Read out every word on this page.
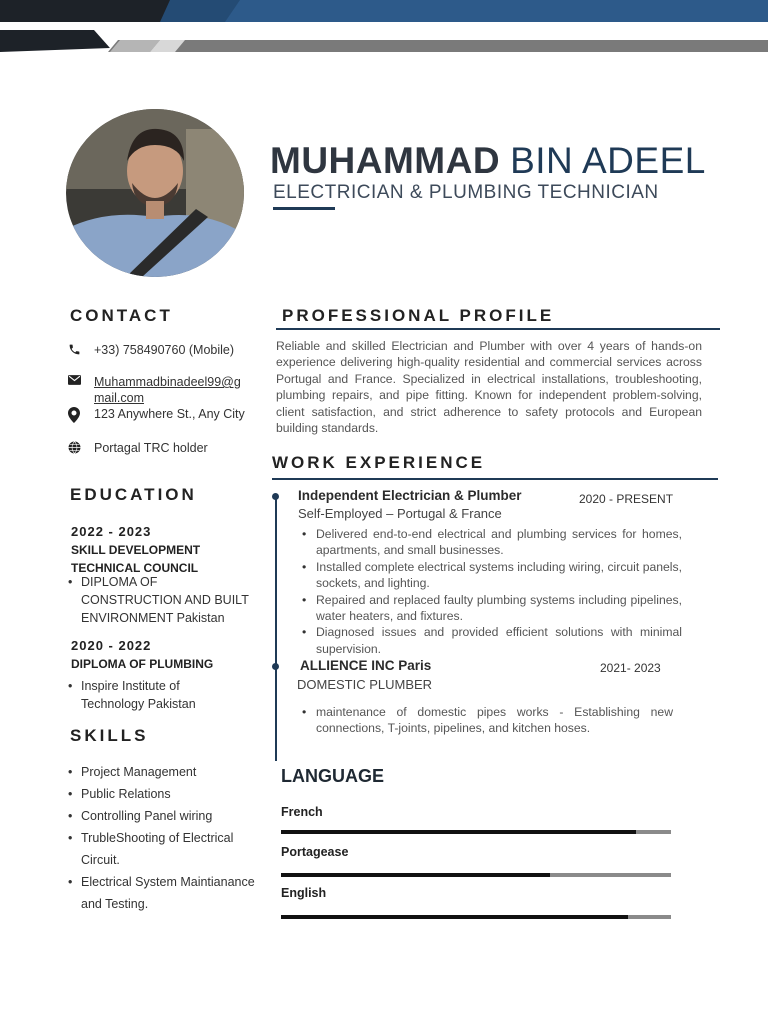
MUHAMMAD BIN ADEEL
ELECTRICIAN & PLUMBING TECHNICIAN
CONTACT
+33) 758490760 (Mobile)
Muhammadbinadeel99@g
mail.com
123 Anywhere St., Any City
Portagal TRC holder
EDUCATION
2022 - 2023
SKILL DEVELOPMENT
TECHNICAL COUNCIL
• DIPLOMA OF CONSTRUCTION AND BUILT ENVIRONMENT Pakistan
2020 - 2022
DIPLOMA OF PLUMBING
• Inspire Institute of Technology Pakistan
SKILLS
• Project Management
• Public Relations
• Controlling Panel wiring
• TrubleShooting of Electrical Circuit.
• Electrical System Maintianance and Testing.
PROFESSIONAL PROFILE
Reliable and skilled Electrician and Plumber with over 4 years of hands-on experience delivering high-quality residential and commercial services across Portugal and France. Specialized in electrical installations, troubleshooting, plumbing repairs, and pipe fitting. Known for independent problem-solving, client satisfaction, and strict adherence to safety protocols and European building standards.
WORK EXPERIENCE
Independent Electrician & Plumber	2020 - PRESENT
Self-Employed – Portugal & France
• Delivered end-to-end electrical and plumbing services for homes, apartments, and small businesses.
• Installed complete electrical systems including wiring, circuit panels, sockets, and lighting.
• Repaired and replaced faulty plumbing systems including pipelines, water heaters, and fixtures.
• Diagnosed issues and provided efficient solutions with minimal supervision.
ALLIENCE INC Paris	2021- 2023
DOMESTIC PLUMBER
• maintenance of domestic pipes works - Establishing new connections, T-joints, pipelines, and kitchen hoses.
LANGUAGE
French
Portagease
English
